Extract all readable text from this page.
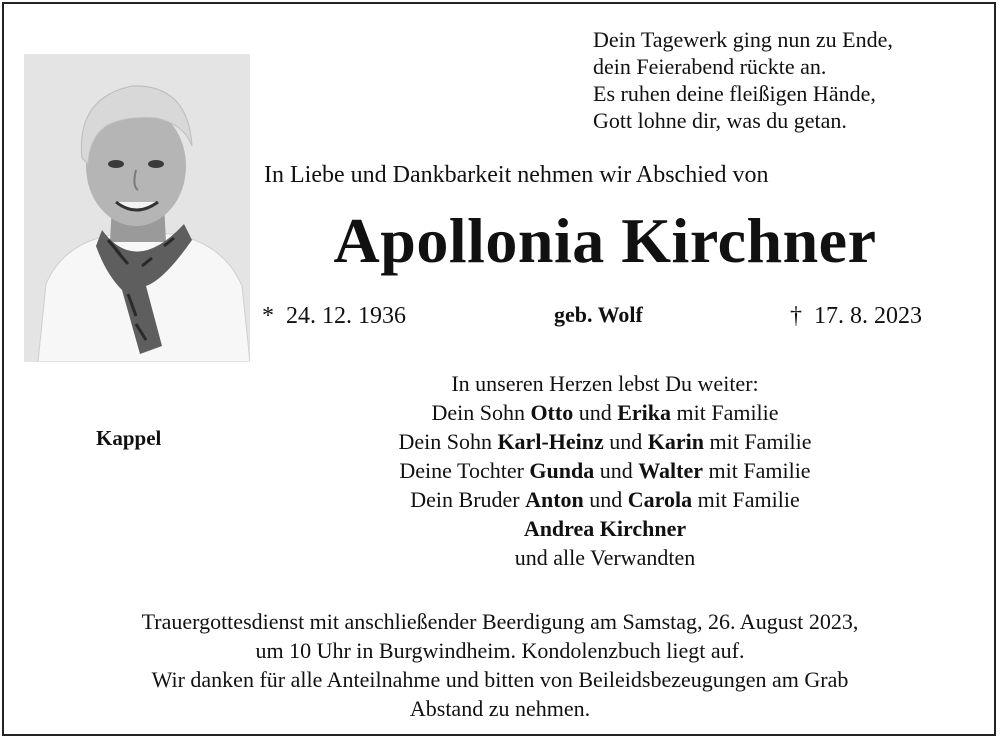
Dein Tagewerk ging nun zu Ende,
dein Feierabend rückte an.
Es ruhen deine fleißigen Hände,
Gott lohne dir, was du getan.
In Liebe und Dankbarkeit nehmen wir Abschied von
Apollonia Kirchner
* 24. 12. 1936	geb. Wolf	† 17. 8. 2023
Kappel
In unseren Herzen lebst Du weiter:
Dein Sohn Otto und Erika mit Familie
Dein Sohn Karl-Heinz und Karin mit Familie
Deine Tochter Gunda und Walter mit Familie
Dein Bruder Anton und Carola mit Familie
Andrea Kirchner
und alle Verwandten
Trauergottesdienst mit anschließender Beerdigung am Samstag, 26. August 2023,
um 10 Uhr in Burgwindheim. Kondolenzbuch liegt auf.
Wir danken für alle Anteilnahme und bitten von Beileidsbezeugungen am Grab
Abstand zu nehmen.
